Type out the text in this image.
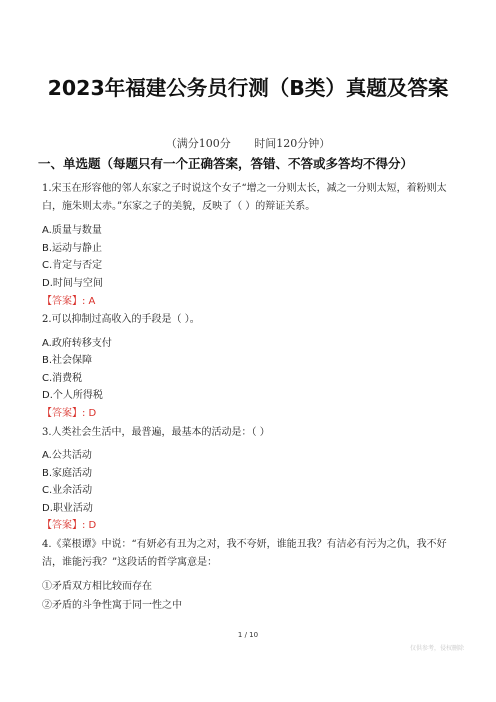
2023年福建公务员行测（B类）真题及答案
（满分100分 时间120分钟）
一、单选题（每题只有一个正确答案，答错、不答或多答均不得分）
1.宋玉在形容他的邻人东家之子时说这个女子“增之一分则太长，减之一分则太短，着粉则太白，施朱则太赤。”东家之子的美貌，反映了（ ）的辩证关系。
A.质量与数量
B.运动与静止
C.肯定与否定
D.时间与空间
【答案】: A
2.可以抑制过高收入的手段是（ ）。
A.政府转移支付
B.社会保障
C.消费税
D.个人所得税
【答案】: D
3.人类社会生活中，最普遍，最基本的活动是：（ ）
A.公共活动
B.家庭活动
C.业余活动
D.职业活动
【答案】: D
4.《菜根谭》中说：“有妍必有丑为之对，我不夸妍，谁能丑我？有洁必有污为之仇，我不好洁，谁能污我？”这段话的哲学寓意是：
①矛盾双方相比较而存在
②矛盾的斗争性寓于同一性之中
1 / 10
仅供参考，侵权删除
